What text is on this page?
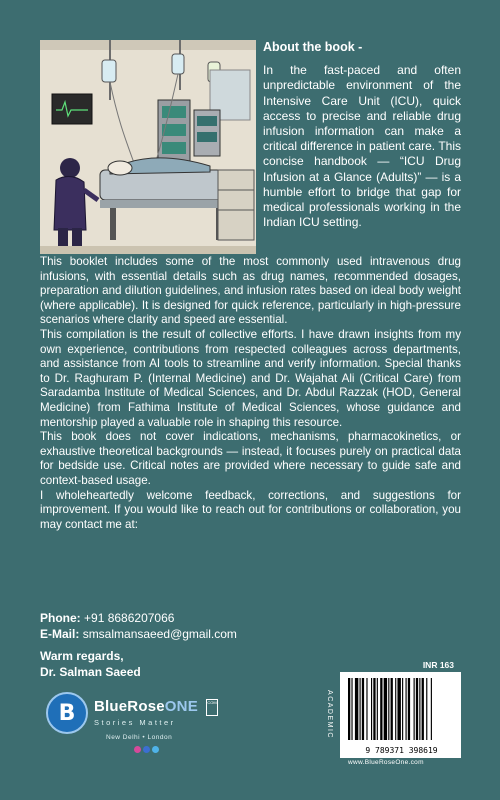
About the book -
In the fast-paced and often unpredictable environment of the Intensive Care Unit (ICU), quick access to precise and reliable drug infusion information can make a critical difference in patient care. This concise handbook — “ICU Drug Infusion at a Glance (Adults)” — is a humble effort to bridge that gap for medical professionals working in the Indian ICU setting.

This booklet includes some of the most commonly used intravenous drug infusions, with essential details such as drug names, recommended dosages, preparation and dilution guidelines, and infusion rates based on ideal body weight (where applicable). It is designed for quick reference, particularly in high-pressure scenarios where clarity and speed are essential.

This compilation is the result of collective efforts. I have drawn insights from my own experience, contributions from respected colleagues across departments, and assistance from AI tools to streamline and verify information. Special thanks to Dr. Raghuram P. (Internal Medicine) and Dr. Wajahat Ali (Critical Care) from Saradamba Institute of Medical Sciences, and Dr. Abdul Razzak (HOD, General Medicine) from Fathima Institute of Medical Sciences, whose guidance and mentorship played a valuable role in shaping this resource.

This book does not cover indications, mechanisms, pharmacokinetics, or exhaustive theoretical backgrounds — instead, it focuses purely on practical data for bedside use. Critical notes are provided where necessary to guide safe and context-based usage.

I wholeheartedly welcome feedback, corrections, and suggestions for improvement. If you would like to reach out for contributions or collaboration, you may contact me at:

Phone: +91 8686207066
E-Mail: smsalmansaeed@gmail.com
Warm regards,
Dr. Salman Saeed
B	BlueRoseONE	COM
Stories Matter
New Delhi • London
INR 163
ACADEMIC
9 789371 398619
www.BlueRoseOne.com
